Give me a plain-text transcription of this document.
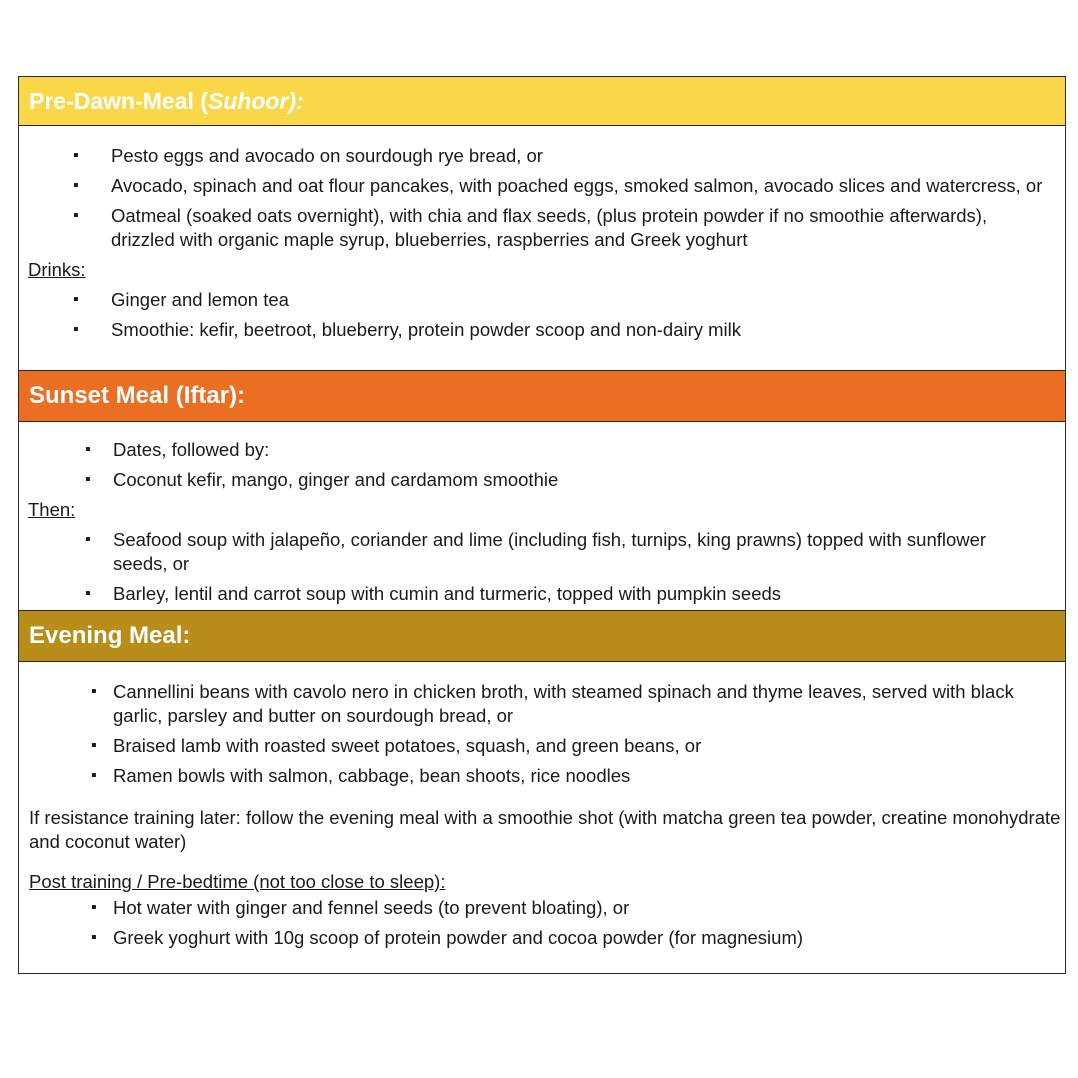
Pre-Dawn-Meal ( Suhoor):
▪ Pesto eggs and avocado on sourdough rye bread, or
▪ Avocado, spinach and oat flour pancakes, with poached eggs, smoked salmon, avocado slices and watercress, or
▪ Oatmeal (soaked oats overnight), with chia and flax seeds, (plus protein powder if no smoothie afterwards), drizzled with organic maple syrup, blueberries, raspberries and Greek yoghurt
Drinks:
▪ Ginger and lemon tea
▪ Smoothie: kefir, beetroot, blueberry, protein powder scoop and non-dairy milk
Sunset Meal (Iftar):
▪ Dates, followed by:
▪ Coconut kefir, mango, ginger and cardamom smoothie
Then:
▪ Seafood soup with jalapeño, coriander and lime (including fish, turnips, king prawns) topped with sunflower seeds, or
▪ Barley, lentil and carrot soup with cumin and turmeric, topped with pumpkin seeds
Evening Meal:
▪ Cannellini beans with cavolo nero in chicken broth, with steamed spinach and thyme leaves, served with black garlic, parsley and butter on sourdough bread, or
▪ Braised lamb with roasted sweet potatoes, squash, and green beans, or
▪ Ramen bowls with salmon, cabbage, bean shoots, rice noodles
If resistance training later: follow the evening meal with a smoothie shot (with matcha green tea powder, creatine monohydrate and coconut water)
Post training / Pre-bedtime (not too close to sleep):
▪ Hot water with ginger and fennel seeds (to prevent bloating), or
▪ Greek yoghurt with 10g scoop of protein powder and cocoa powder (for magnesium)
